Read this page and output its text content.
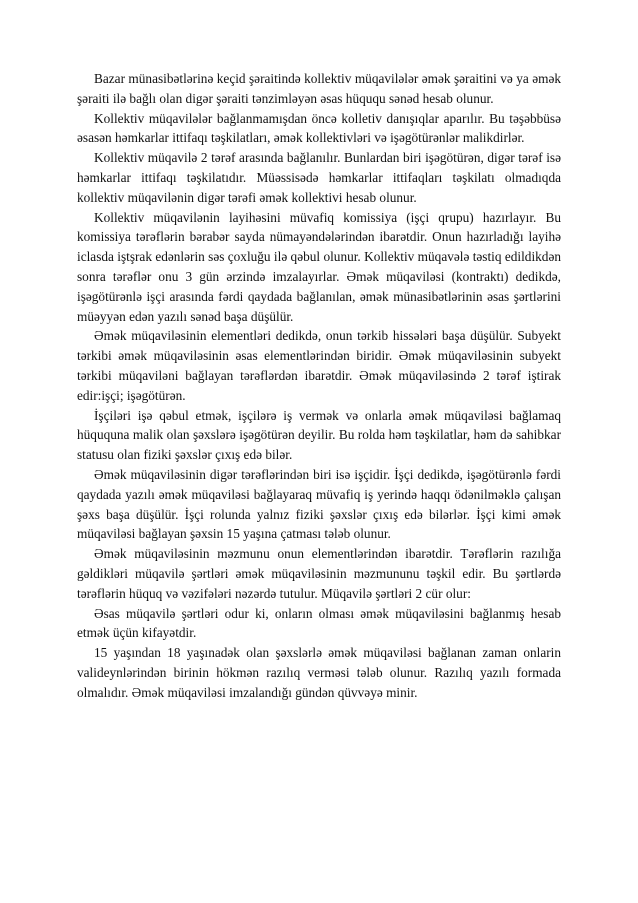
Bazar münasibətlərinə keçid şəraitində kollektiv müqavilələr əmək şəraitini və ya əmək şəraiti ilə bağlı olan digər şəraiti tənzimləyən əsas hüququ sənəd hesab olunur.

Kollektiv müqavilələr bağlanmamışdan öncə kolletiv danışıqlar aparılır. Bu təşəbbüsə əsasən həmkarlar ittifaqı təşkilatları, əmək kollektivləri və işəgötürənlər malikdirlər.

Kollektiv müqavilə 2 tərəf arasında bağlanılır. Bunlardan biri işəgötürən, digər tərəf isə həmkarlar ittifaqı təşkilatıdır. Müəssisədə həmkarlar ittifaqları təşkilatı olmadıqda kollektiv müqavilənin digər tərəfi əmək kollektivi hesab olunur.

Kollektiv müqavilənin layihəsini müvafiq komissiya (işçi qrupu) hazırlayır. Bu komissiya tərəflərin bərabər sayda nümayəndələrindən ibarətdir. Onun hazırladığı layihə iclasda iştşrak edənlərin səs çoxluğu ilə qəbul olunur. Kollektiv müqavələ təstiq edildikdən sonra tərəflər onu 3 gün ərzində imzalayırlar. Əmək müqaviləsi (kontraktı) dedikdə, işəgötürənlə işçi arasında fərdi qaydada bağlanılan, əmək münasibətlərinin əsas şərtlərini müəyyən edən yazılı sənəd başa düşülür.

Əmək müqaviləsinin elementləri dedikdə, onun tərkib hissələri başa düşülür. Subyekt tərkibi əmək müqaviləsinin əsas elementlərindən biridir. Əmək müqaviləsinin subyekt tərkibi müqaviləni bağlayan tərəflərdən ibarətdir. Əmək müqaviləsində 2 tərəf iştirak edir:işçi; işəgötürən.

İşçiləri işə qəbul etmək, işçilərə iş vermək və onlarla əmək müqaviləsi bağlamaq hüququna malik olan şəxslərə işəgötürən deyilir. Bu rolda həm təşkilatlar, həm də sahibkar statusu olan fiziki şəxslər çıxış edə bilər.

Əmək müqaviləsinin digər tərəflərindən biri isə işçidir. İşçi dedikdə, işəgötürənlə fərdi qaydada yazılı əmək müqaviləsi bağlayaraq müvafiq iş yerində haqqı ödənilməklə çalışan şəxs başa düşülür. İşçi rolunda yalnız fiziki şəxslər çıxış edə bilərlər. İşçi kimi əmək müqaviləsi bağlayan şəxsin 15 yaşına çatması tələb olunur.

Əmək müqaviləsinin məzmunu onun elementlərindən ibarətdir. Tərəflərin razılığa gəldikləri müqavilə şərtləri əmək müqaviləsinin məzmununu təşkil edir. Bu şərtlərdə tərəflərin hüquq və vəzifələri nəzərdə tutulur. Müqavilə şərtləri 2 cür olur:

Əsas müqavilə şərtləri odur ki, onların olması əmək müqaviləsini bağlanmış hesab etmək üçün kifayətdir.

15 yaşından 18 yaşınadək olan şəxslərlə əmək müqaviləsi bağlanan zaman onlarin valideynlərindən birinin hökmən razılıq verməsi tələb olunur. Razılıq yazılı formada olmalıdır. Əmək müqaviləsi imzalandığı gündən qüvvəyə minir.
